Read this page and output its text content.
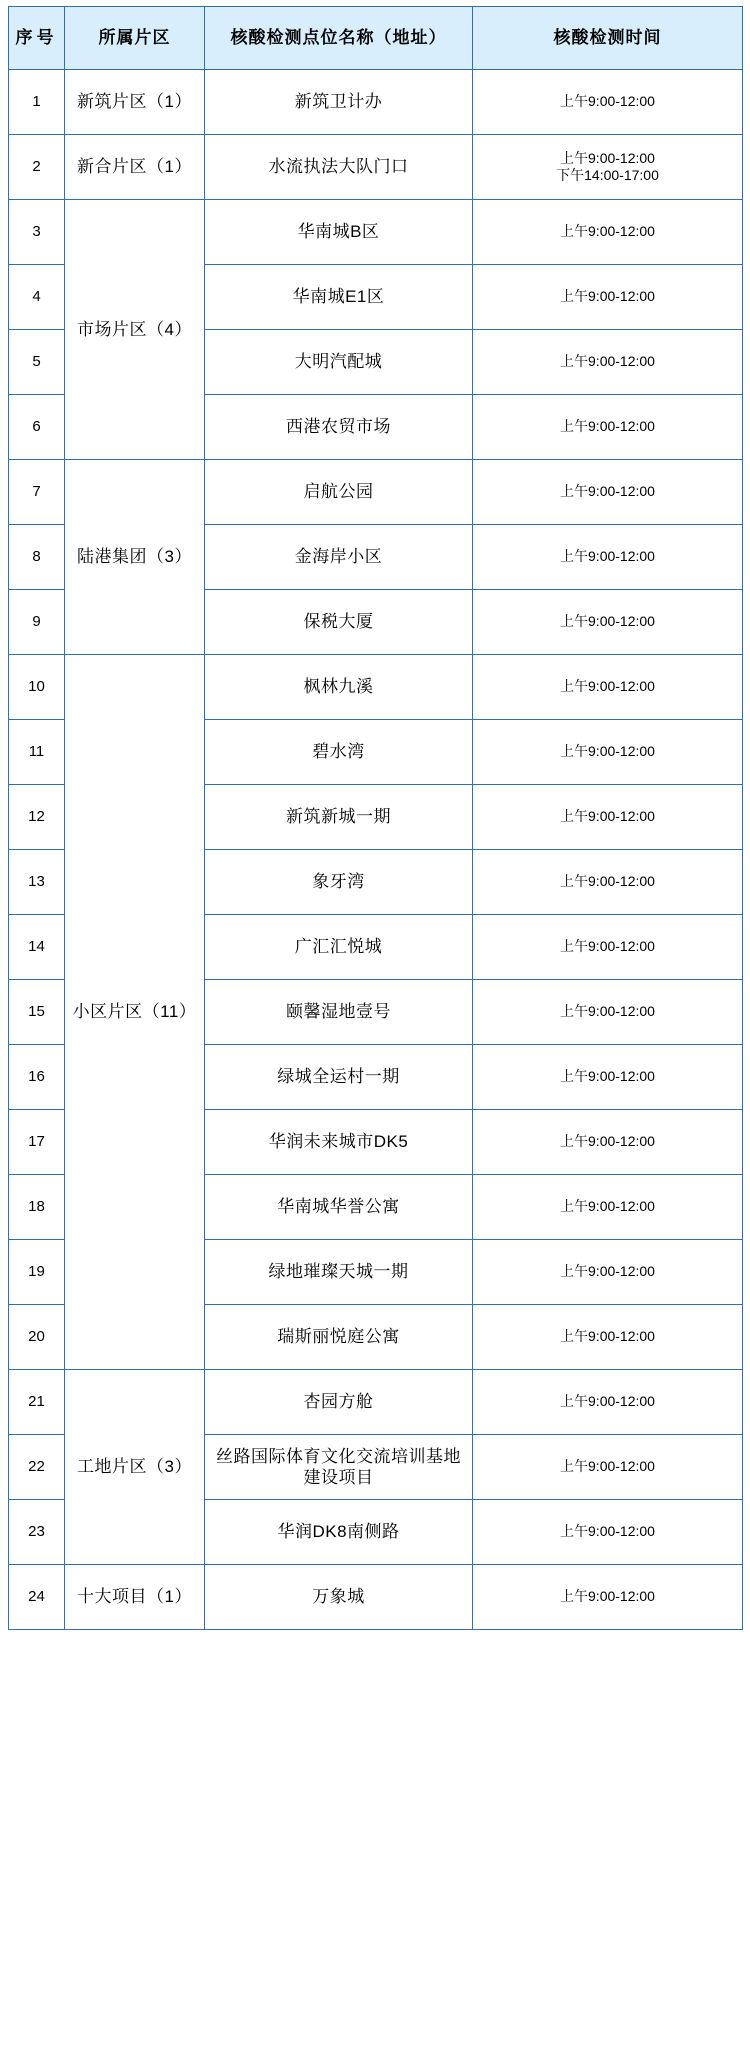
序号	所属片区	核酸检测点位名称（地址）	核酸检测时间
1	新筑片区（1）	新筑卫计办	上午9:00-12:00

2	新合片区（1）	水流执法大队门口	上午9:00-12:00
下午14:00-17:00

3	市场片区（4）	华南城B区	上午9:00-12:00

4		华南城E1区	上午9:00-12:00

5		大明汽配城	上午9:00-12:00

6		西港农贸市场	上午9:00-12:00

7	陆港集团（3）	启航公园	上午9:00-12:00

8		金海岸小区	上午9:00-12:00

9		保税大厦	上午9:00-12:00

10	小区片区（11）	枫林九溪	上午9:00-12:00

11		碧水湾	上午9:00-12:00

12		新筑新城一期	上午9:00-12:00

13		象牙湾	上午9:00-12:00

14		广汇汇悦城	上午9:00-12:00

15		颐馨湿地壹号	上午9:00-12:00

16		绿城全运村一期	上午9:00-12:00

17		华润未来城市DK5	上午9:00-12:00

18		华南城华誉公寓	上午9:00-12:00

19		绿地璀璨天城一期	上午9:00-12:00

20		瑞斯丽悦庭公寓	上午9:00-12:00

21	工地片区（3）	杏园方舱	上午9:00-12:00

22		丝路国际体育文化交流培训基地建设项目	上午9:00-12:00

23		华润DK8南侧路	上午9:00-12:00

24	十大项目（1）	万象城	上午9:00-12:00
